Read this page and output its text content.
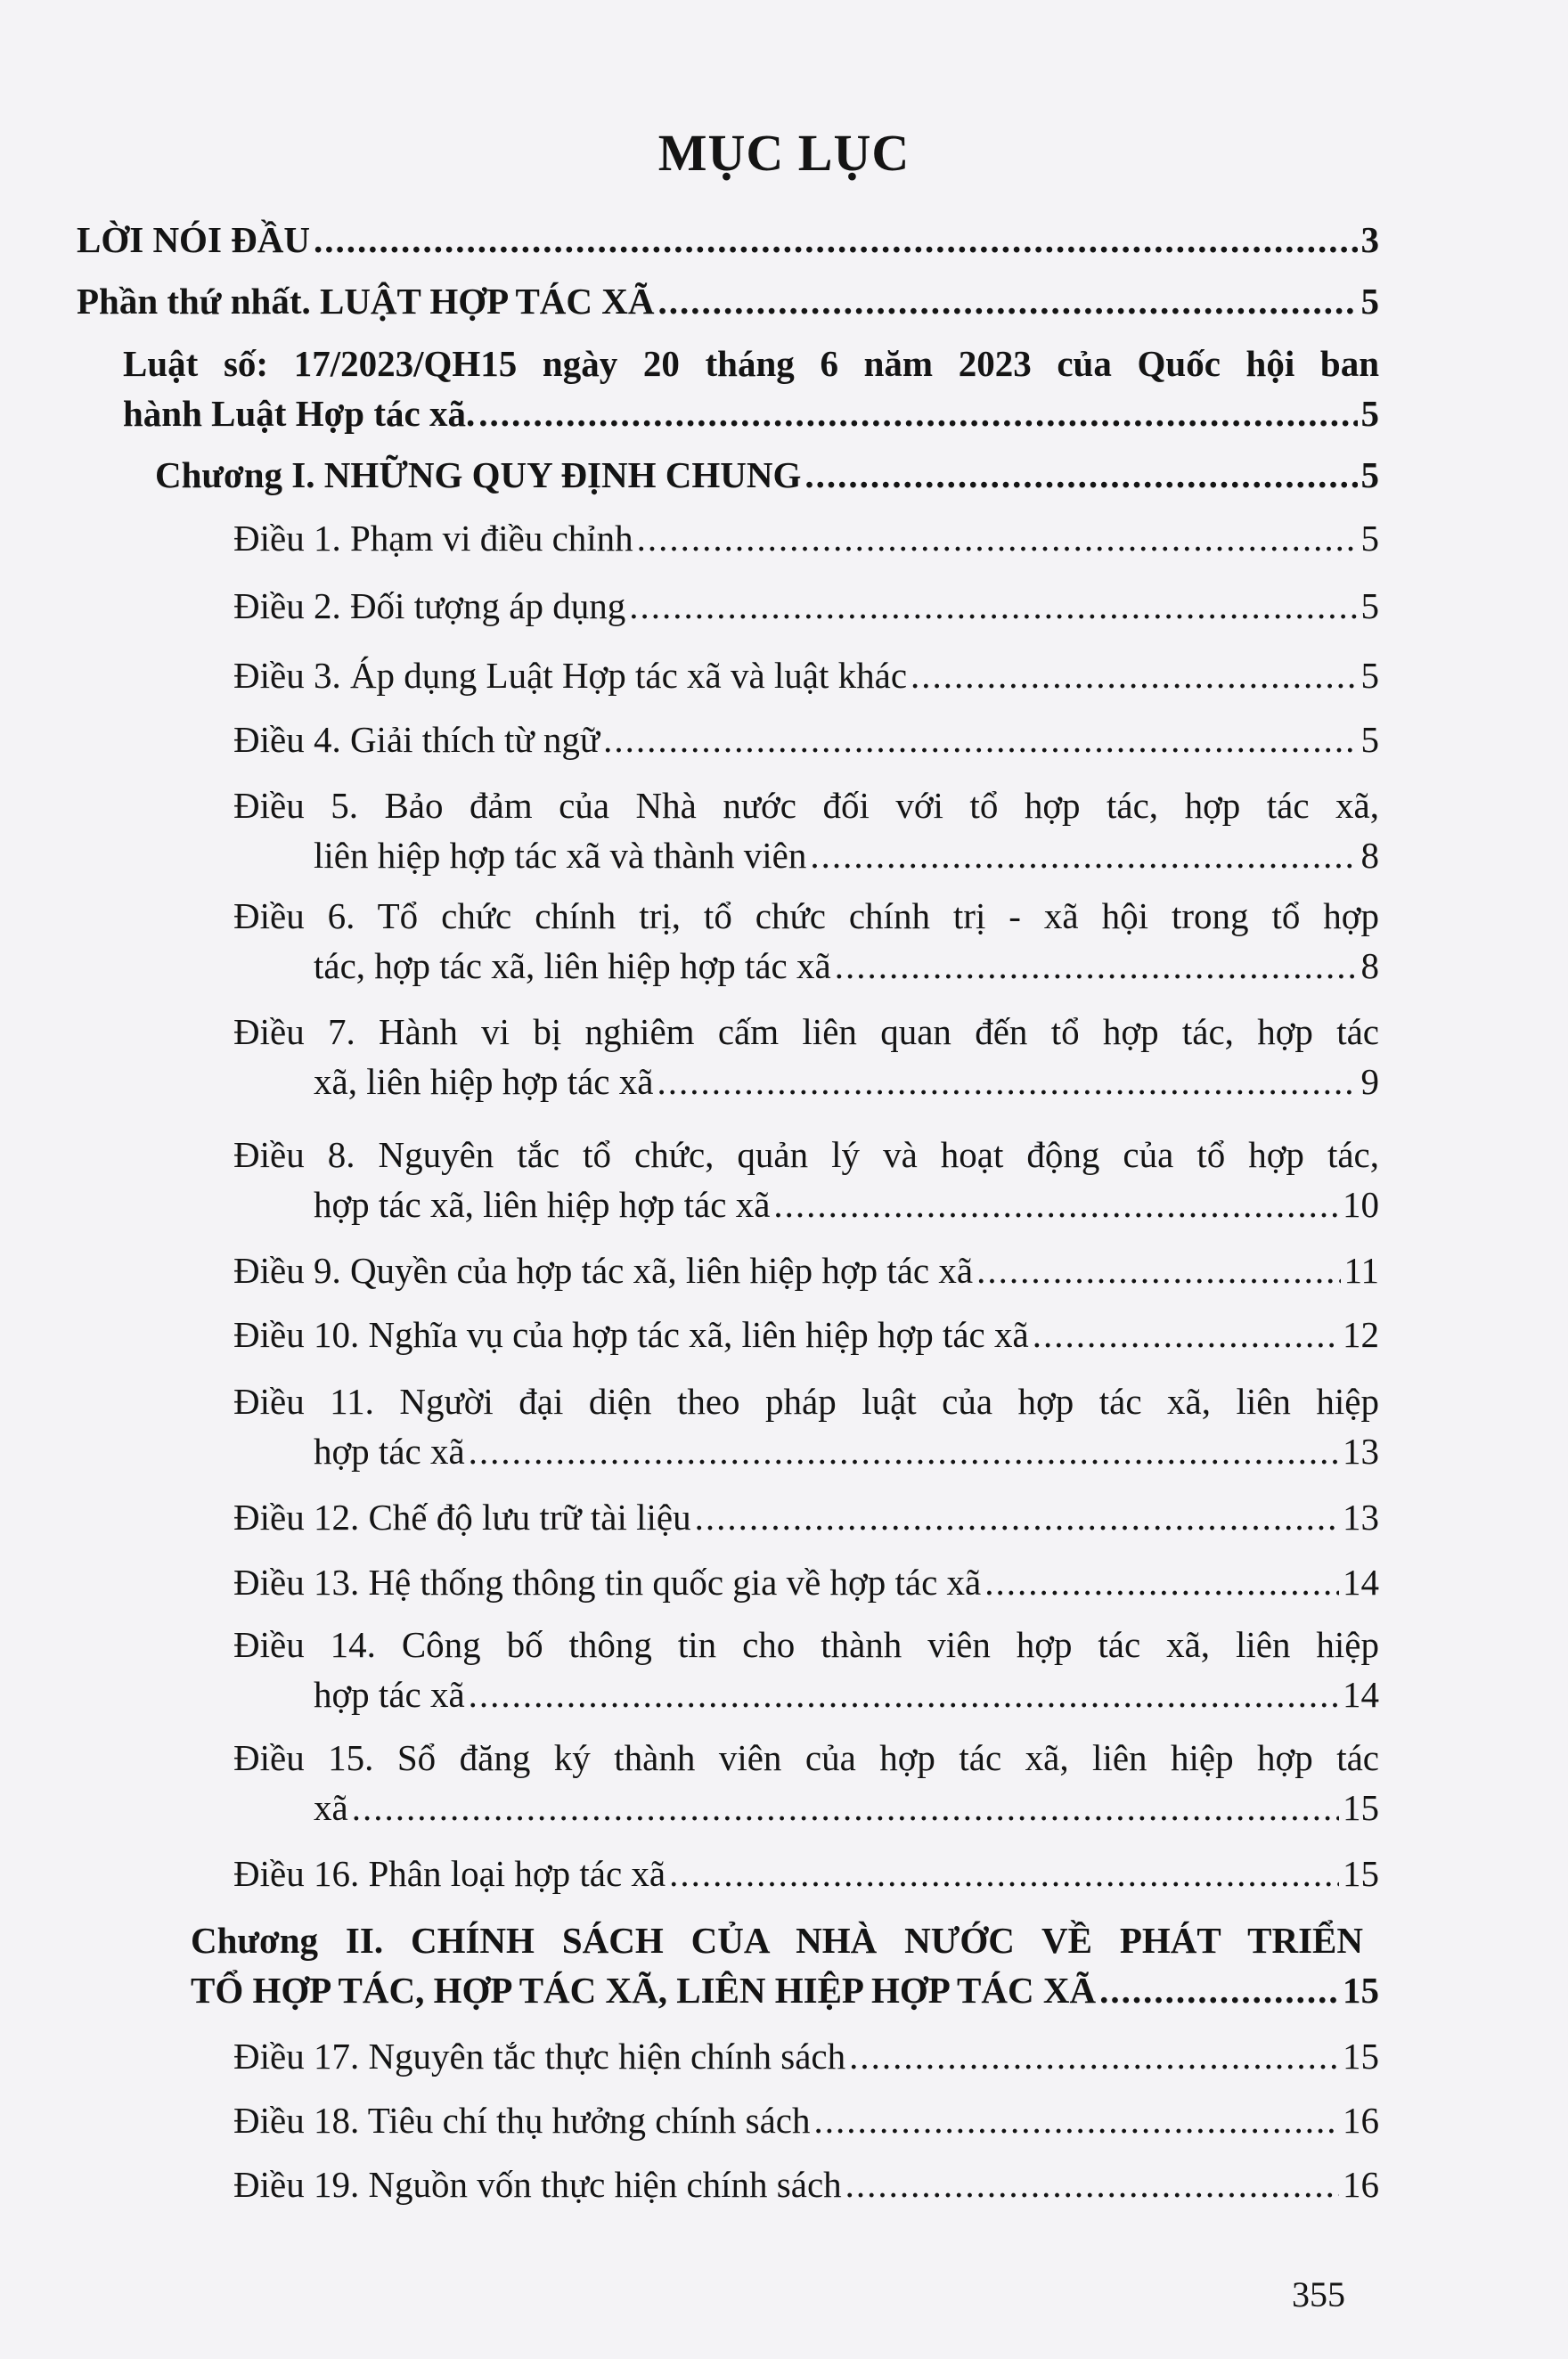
MỤC LỤC
LỜI NÓI ĐẦU .....	3
Phần thứ nhất. LUẬT HỢP TÁC XÃ .....	5
Luật số: 17/2023/QH15 ngày 20 tháng 6 năm 2023 của Quốc hội ban
hành Luật Hợp tác xã. .....	5
Chương I. NHỮNG QUY ĐỊNH CHUNG .....	5
Điều 1. Phạm vi điều chỉnh .....	5
Điều 2. Đối tượng áp dụng .....	5
Điều 3. Áp dụng Luật Hợp tác xã và luật khác .....	5
Điều 4. Giải thích từ ngữ .....	5
Điều 5. Bảo đảm của Nhà nước đối với tổ hợp tác, hợp tác xã,
liên hiệp hợp tác xã và thành viên .....	8
Điều 6. Tổ chức chính trị, tổ chức chính trị - xã hội trong tổ hợp
tác, hợp tác xã, liên hiệp hợp tác xã .....	8
Điều 7. Hành vi bị nghiêm cấm liên quan đến tổ hợp tác, hợp tác
xã, liên hiệp hợp tác xã .....	9
Điều 8. Nguyên tắc tổ chức, quản lý và hoạt động của tổ hợp tác,
hợp tác xã, liên hiệp hợp tác xã .....	10
Điều 9. Quyền của hợp tác xã, liên hiệp hợp tác xã .....	11
Điều 10. Nghĩa vụ của hợp tác xã, liên hiệp hợp tác xã .....	12
Điều 11. Người đại diện theo pháp luật của hợp tác xã, liên hiệp
hợp tác xã .....	13
Điều 12. Chế độ lưu trữ tài liệu .....	13
Điều 13. Hệ thống thông tin quốc gia về hợp tác xã .....	14
Điều 14. Công bố thông tin cho thành viên hợp tác xã, liên hiệp
hợp tác xã .....	14
Điều 15. Sổ đăng ký thành viên của hợp tác xã, liên hiệp hợp tác
xã .....	15
Điều 16. Phân loại hợp tác xã .....	15
Chương II. CHÍNH SÁCH CỦA NHÀ NƯỚC VỀ PHÁT TRIỂN
TỔ HỢP TÁC, HỢP TÁC XÃ, LIÊN HIỆP HỢP TÁC XÃ .....	15
Điều 17. Nguyên tắc thực hiện chính sách .....	15
Điều 18. Tiêu chí thụ hưởng chính sách .....	16
Điều 19. Nguồn vốn thực hiện chính sách .....	16
355
